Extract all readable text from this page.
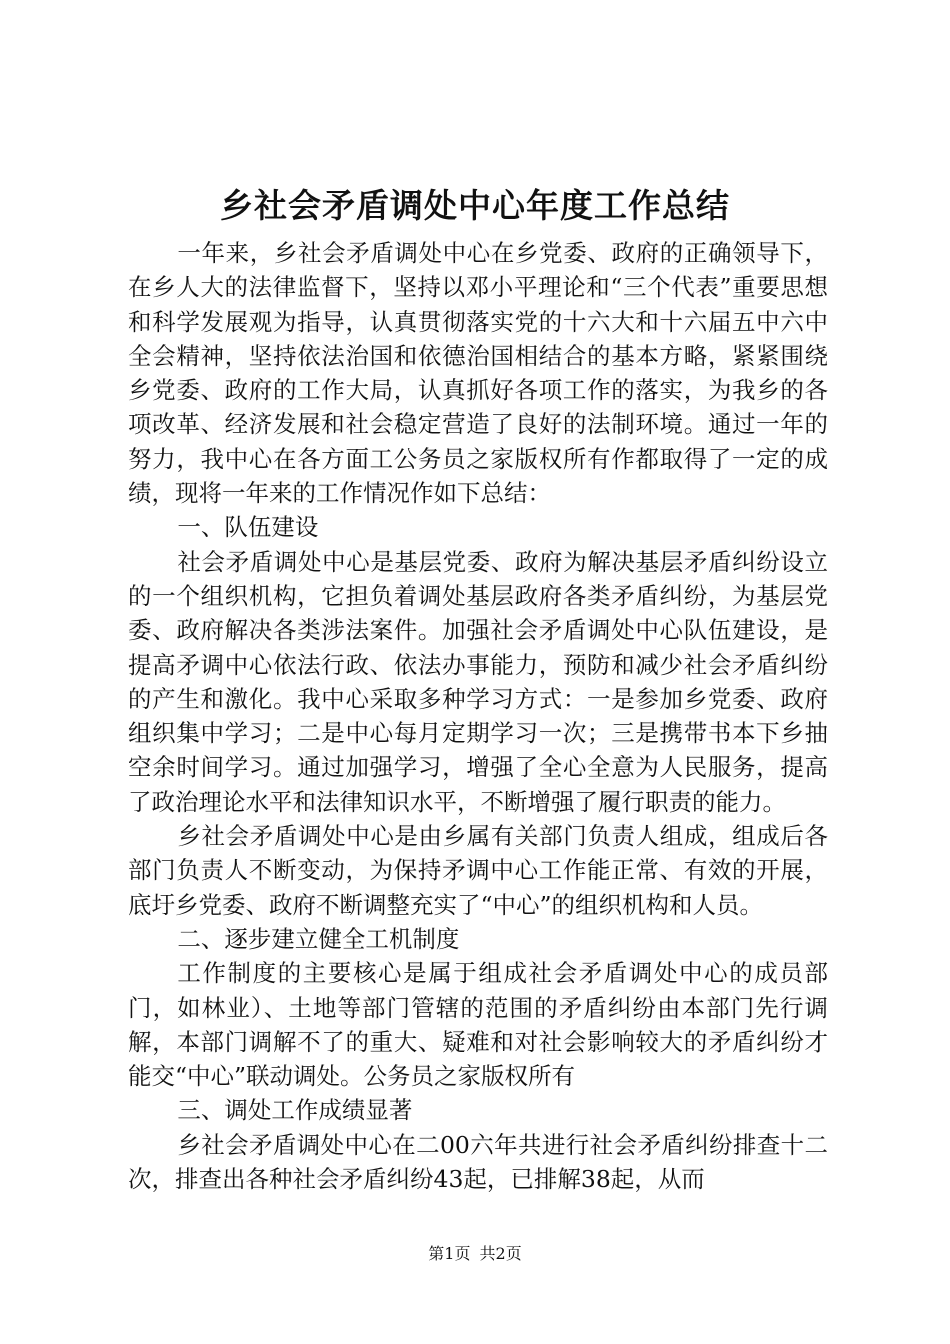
乡社会矛盾调处中心年度工作总结

一年来，乡社会矛盾调处中心在乡党委、政府的正确领导下，在乡人大的法律监督下，坚持以邓小平理论和“三个代表”重要思想和科学发展观为指导，认真贯彻落实党的十六大和十六届五中六中全会精神，坚持依法治国和依德治国相结合的基本方略，紧紧围绕乡党委、政府的工作大局，认真抓好各项工作的落实，为我乡的各项改革、经济发展和社会稳定营造了良好的法制环境。通过一年的努力，我中心在各方面工公务员之家版权所有作都取得了一定的成绩，现将一年来的工作情况作如下总结：

一、队伍建设

社会矛盾调处中心是基层党委、政府为解决基层矛盾纠纷设立的一个组织机构，它担负着调处基层政府各类矛盾纠纷，为基层党委、政府解决各类涉法案件。加强社会矛盾调处中心队伍建设，是提高矛调中心依法行政、依法办事能力，预防和减少社会矛盾纠纷的产生和激化。我中心采取多种学习方式：一是参加乡党委、政府组织集中学习；二是中心每月定期学习一次；三是携带书本下乡抽空余时间学习。通过加强学习，增强了全心全意为人民服务，提高了政治理论水平和法律知识水平，不断增强了履行职责的能力。

乡社会矛盾调处中心是由乡属有关部门负责人组成，组成后各部门负责人不断变动，为保持矛调中心工作能正常、有效的开展，底圩乡党委、政府不断调整充实了“中心”的组织机构和人员。

二、逐步建立健全工机制度

工作制度的主要核心是属于组成社会矛盾调处中心的成员部门，如林业）、土地等部门管辖的范围的矛盾纠纷由本部门先行调解，本部门调解不了的重大、疑难和对社会影响较大的矛盾纠纷才能交“中心”联动调处。公务员之家版权所有

三、调处工作成绩显著

乡社会矛盾调处中心在二00六年共进行社会矛盾纠纷排查十二次，排查出各种社会矛盾纠纷43起，已排解38起，从而

第1页 共2页
